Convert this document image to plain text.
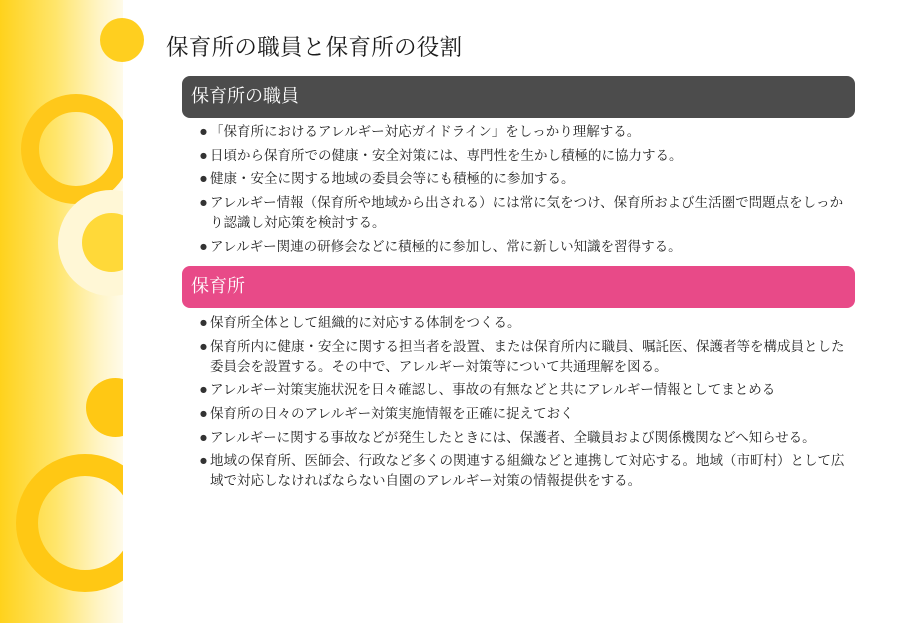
保育所の職員と保育所の役割
保育所の職員
● 「保育所におけるアレルギー対応ガイドライン」をしっかり理解する。
● 日頃から保育所での健康・安全対策には、専門性を生かし積極的に協力する。
● 健康・安全に関する地域の委員会等にも積極的に参加する。
● アレルギー情報（保育所や地域から出される）には常に気をつけ、保育所および生活圏で問題点をしっかり認識し対応策を検討する。
● アレルギー関連の研修会などに積極的に参加し、常に新しい知識を習得する。
保育所
● 保育所全体として組織的に対応する体制をつくる。
● 保育所内に健康・安全に関する担当者を設置、または保育所内に職員、嘱託医、保護者等を構成員とした委員会を設置する。その中で、アレルギー対策等について共通理解を図る。
● アレルギー対策実施状況を日々確認し、事故の有無などと共にアレルギー情報としてまとめる
● 保育所の日々のアレルギー対策実施情報を正確に捉えておく
● アレルギーに関する事故などが発生したときには、保護者、全職員および関係機関などへ知らせる。
● 地域の保育所、医師会、行政など多くの関連する組織などと連携して対応する。地域（市町村）として広域で対応しなければならない自園のアレルギー対策の情報提供をする。
